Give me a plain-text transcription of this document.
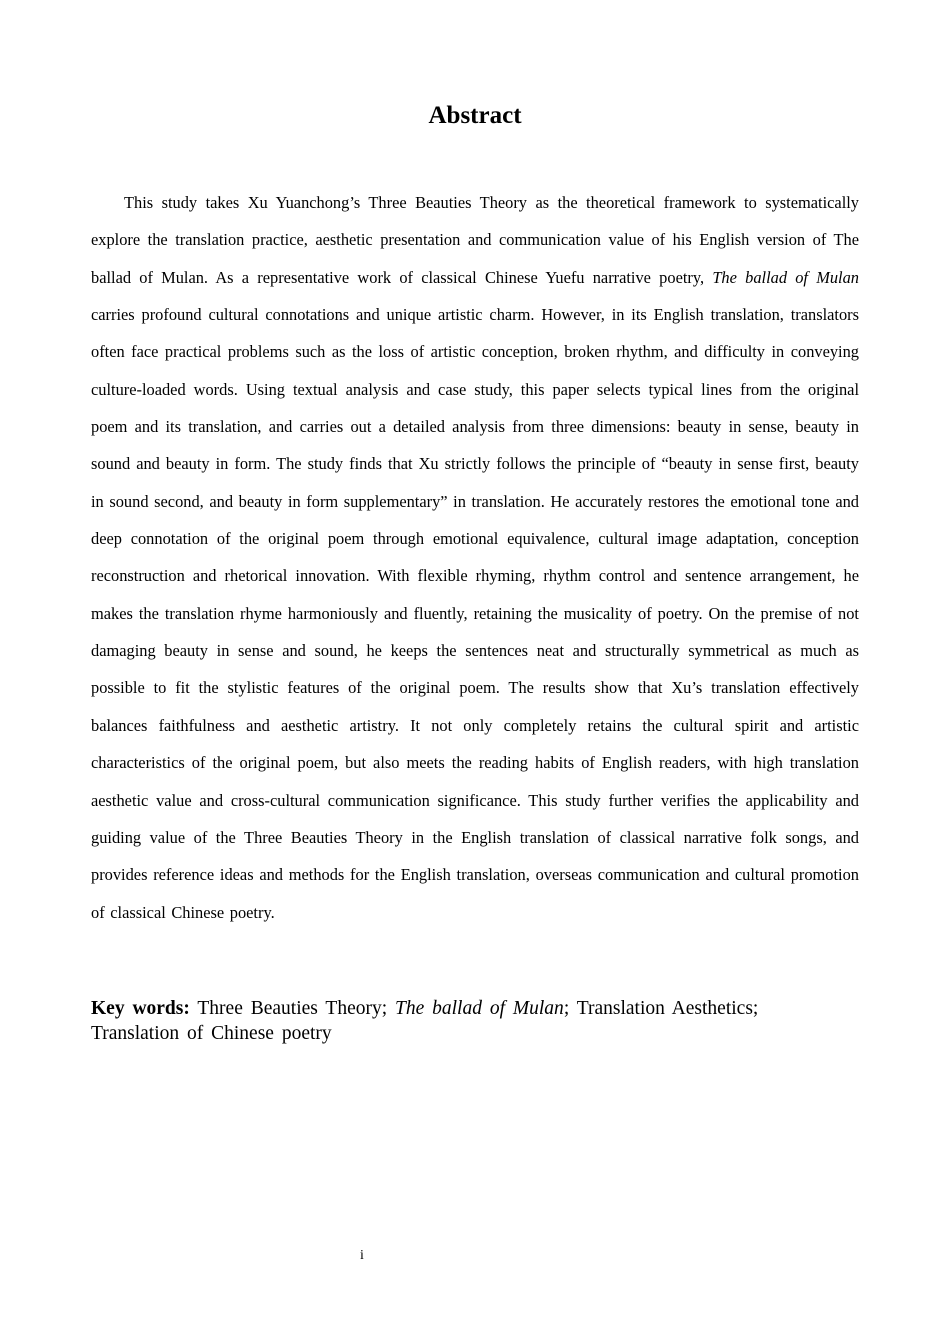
Abstract

This study takes Xu Yuanchong’s Three Beauties Theory as the theoretical framework to systematically explore the translation practice, aesthetic presentation and communication value of his English version of The ballad of Mulan. As a representative work of classical Chinese Yuefu narrative poetry, The ballad of Mulan carries profound cultural connotations and unique artistic charm. However, in its English translation, translators often face practical problems such as the loss of artistic conception, broken rhythm, and difficulty in conveying culture-loaded words. Using textual analysis and case study, this paper selects typical lines from the original poem and its translation, and carries out a detailed analysis from three dimensions: beauty in sense, beauty in sound and beauty in form. The study finds that Xu strictly follows the principle of “beauty in sense first, beauty in sound second, and beauty in form supplementary” in translation. He accurately restores the emotional tone and deep connotation of the original poem through emotional equivalence, cultural image adaptation, conception reconstruction and rhetorical innovation. With flexible rhyming, rhythm control and sentence arrangement, he makes the translation rhyme harmoniously and fluently, retaining the musicality of poetry. On the premise of not damaging beauty in sense and sound, he keeps the sentences neat and structurally symmetrical as much as possible to fit the stylistic features of the original poem. The results show that Xu’s translation effectively balances faithfulness and aesthetic artistry. It not only completely retains the cultural spirit and artistic characteristics of the original poem, but also meets the reading habits of English readers, with high translation aesthetic value and cross-cultural communication significance. This study further verifies the applicability and guiding value of the Three Beauties Theory in the English translation of classical narrative folk songs, and provides reference ideas and methods for the English translation, overseas communication and cultural promotion of classical Chinese poetry.

Key words: Three Beauties Theory; The ballad of Mulan; Translation Aesthetics; Translation of Chinese poetry

i
